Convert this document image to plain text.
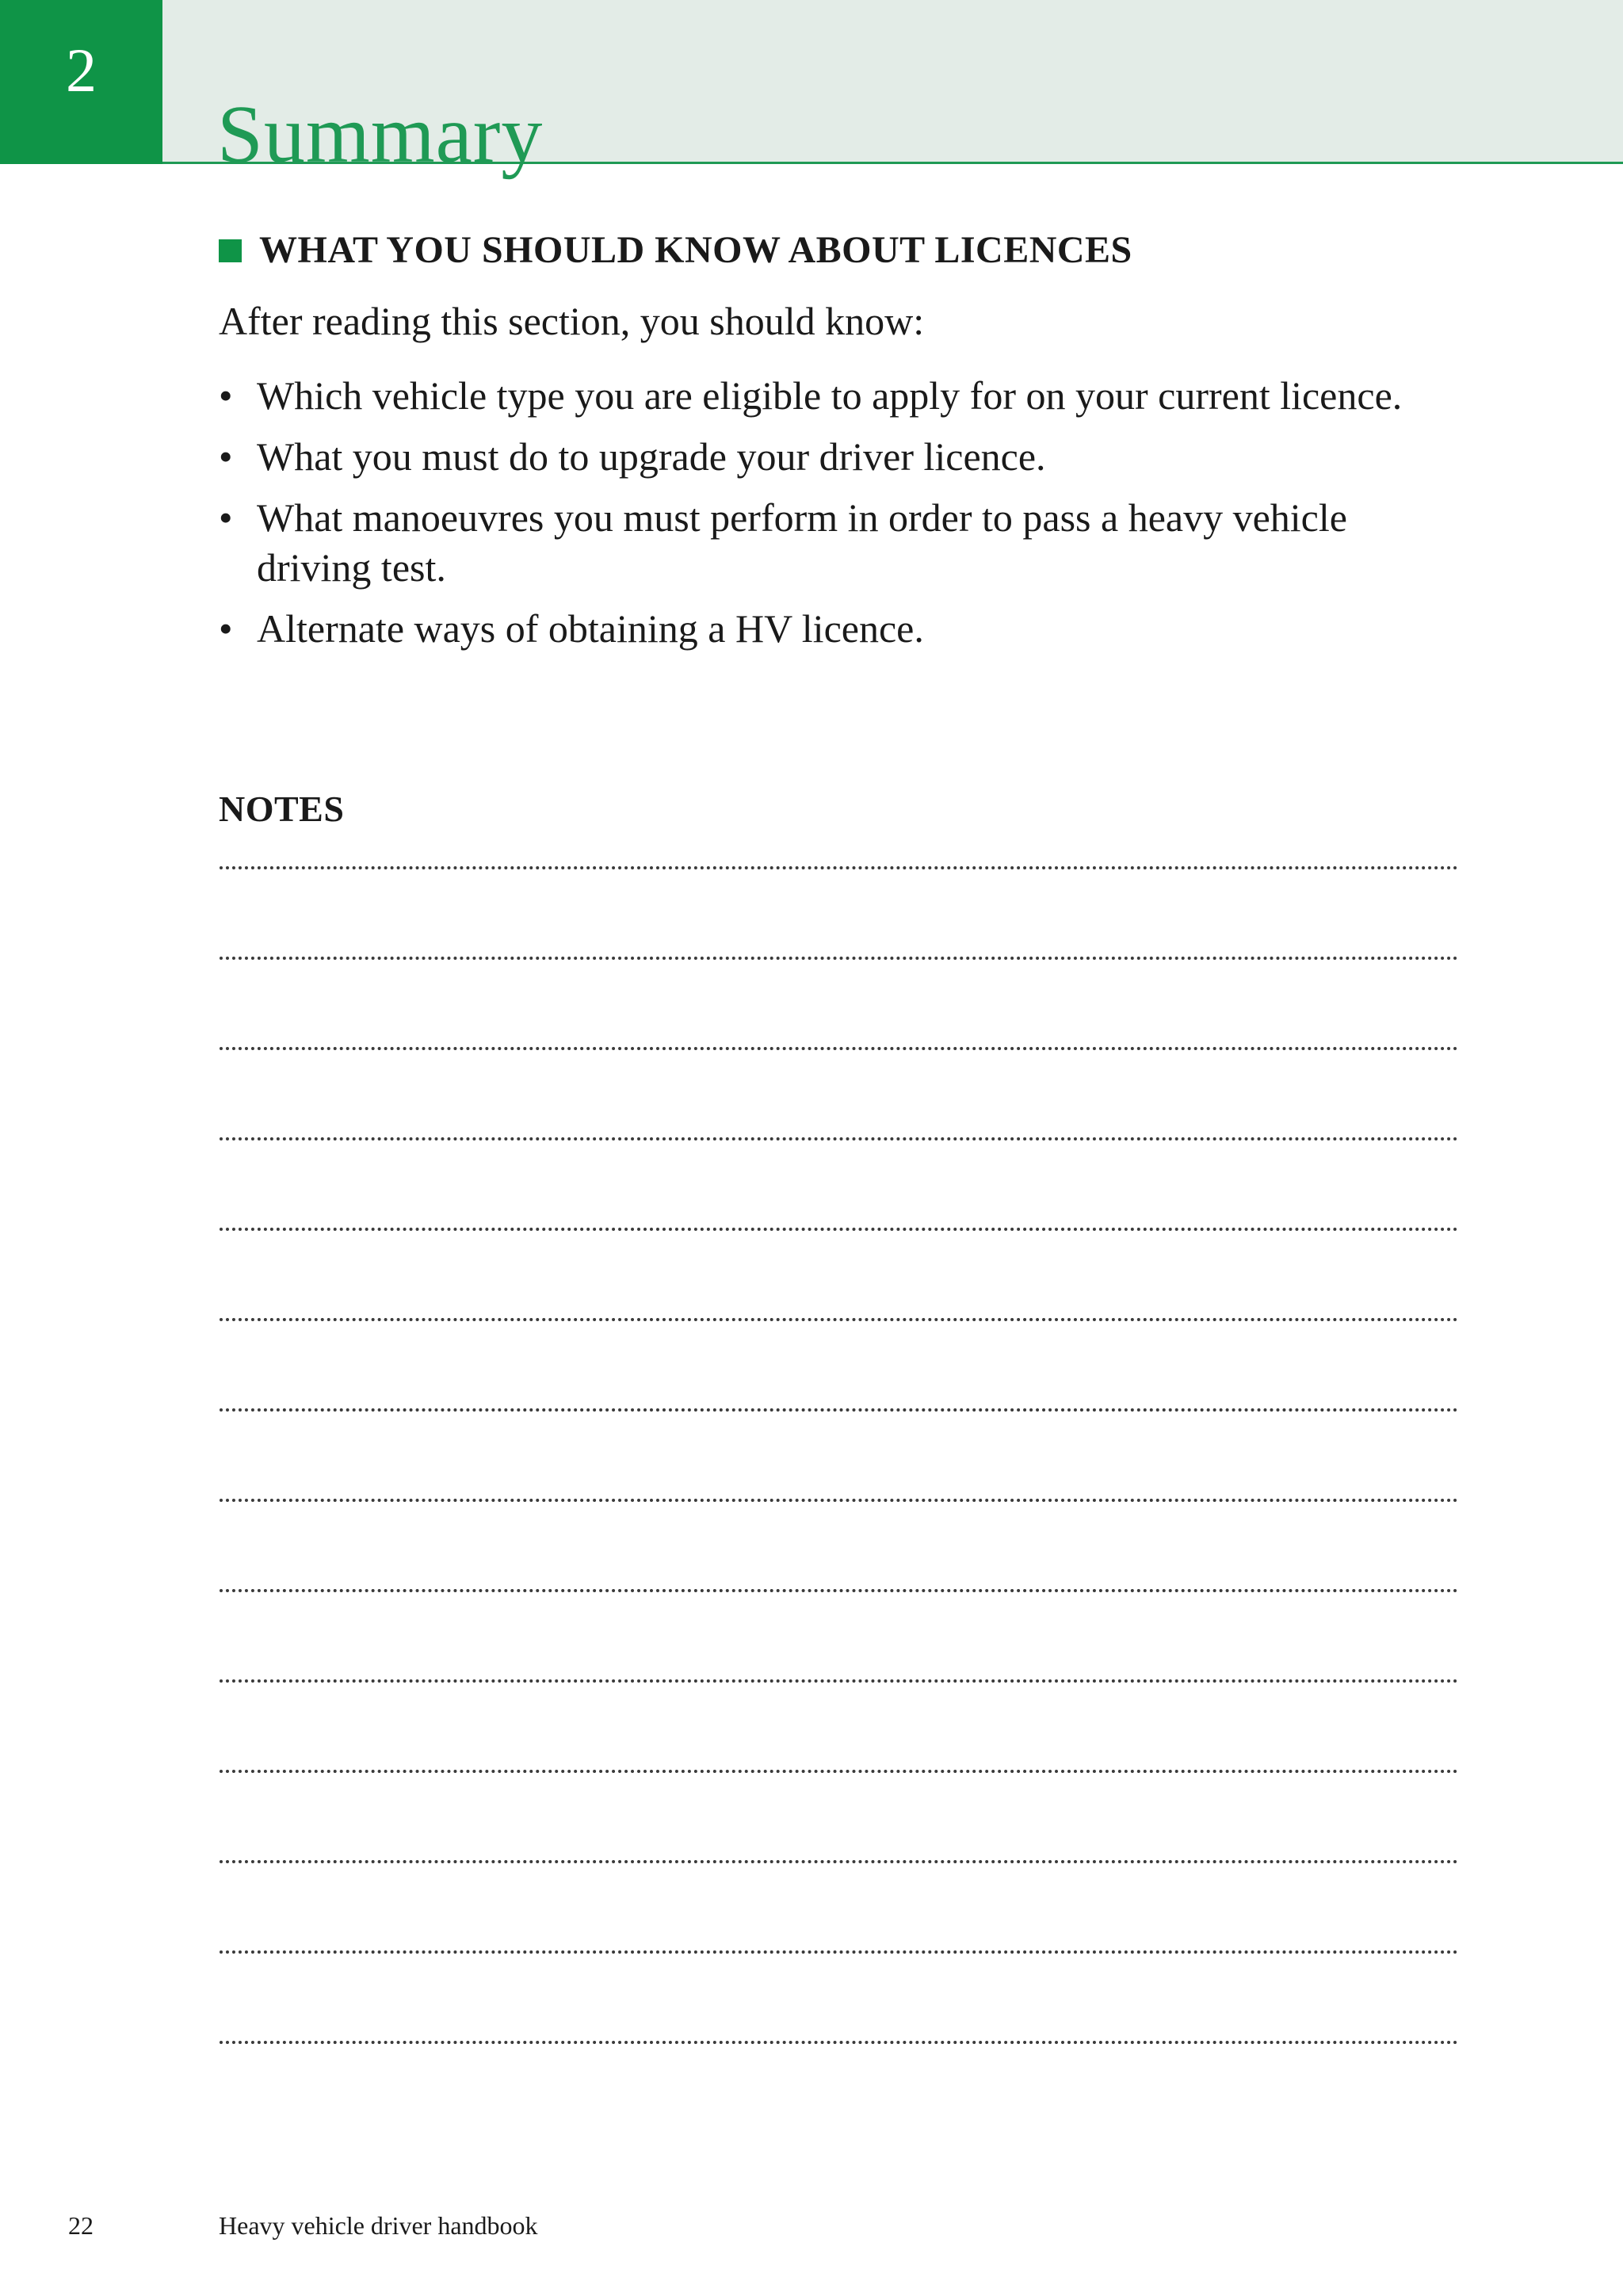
2
Summary
WHAT YOU SHOULD KNOW ABOUT LICENCES

After reading this section, you should know:

• Which vehicle type you are eligible to apply for on your current licence.
• What you must do to upgrade your driver licence.
• What manoeuvres you must perform in order to pass a heavy vehicle driving test.
• Alternate ways of obtaining a HV licence.
NOTES
22	Heavy vehicle driver handbook
